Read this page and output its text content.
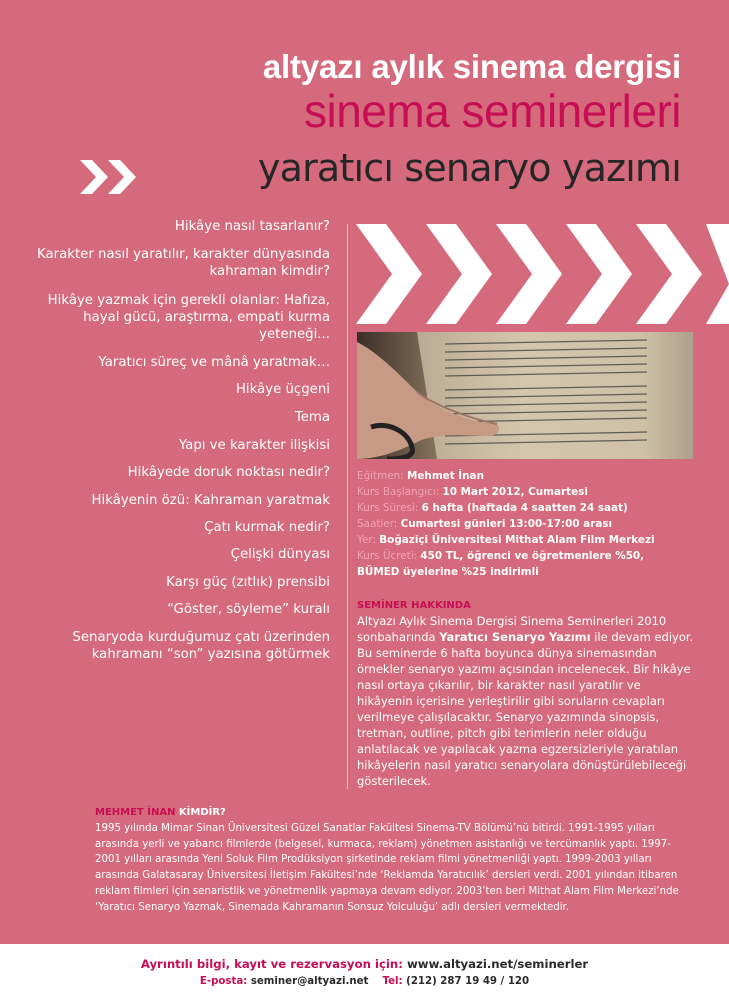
altyazı aylık sinema dergisi
sinema seminerleri
yaratıcı senaryo yazımı
Hikâye nasıl tasarlanır?
Karakter nasıl yaratılır, karakter dünyasında kahraman kimdir?
Hikâye yazmak için gerekli olanlar: Hafıza, hayal gücü, araştırma, empati kurma yeteneği...
Yaratıcı süreç ve mânâ yaratmak…
Hikâye üçgeni
Tema
Yapı ve karakter ilişkisi
Hikâyede doruk noktası nedir?
Hikâyenin özü: Kahraman yaratmak
Çatı kurmak nedir?
Çelişki dünyası
Karşı güç (zıtlık) prensibi
“Göster, söyleme” kuralı
Senaryoda kurduğumuz çatı üzerinden kahramanı “son” yazısına götürmek
Eğitmen: Mehmet İnan
Kurs Başlangıcı: 10 Mart 2012, Cumartesi
Kurs Süresi: 6 hafta (haftada 4 saatten 24 saat)
Saatler: Cumartesi günleri 13:00-17:00 arası
Yer: Boğaziçi Üniversitesi Mithat Alam Film Merkezi
Kurs Ücreti: 450 TL, öğrenci ve öğretmenlere %50,
BÜMED üyelerine %25 indirimli
SEMİNER HAKKINDA

Altyazı Aylık Sinema Dergisi Sinema Seminerleri 2010 sonbaharında Yaratıcı Senaryo Yazımı ile devam ediyor. Bu seminerde 6 hafta boyunca dünya sinemasından örnekler senaryo yazımı açısından incelenecek. Bir hikâye nasıl ortaya çıkarılır, bir karakter nasıl yaratılır ve hikâyenin içerisine yerleştirilir gibi soruların cevapları verilmeye çalışılacaktır. Senaryo yazımında sinopsis, tretman, outline, pitch gibi terimlerin neler olduğu anlatılacak ve yapılacak yazma egzersizleriyle yaratılan hikâyelerin nasıl yaratıcı senaryolara dönüştürülebileceği gösterilecek.

MEHMET İNAN KİMDİR?

1995 yılında Mimar Sinan Üniversitesi Güzel Sanatlar Fakültesi Sinema-TV Bölümü’nü bitirdi. 1991-1995 yılları arasında yerli ve yabancı filmlerde (belgesel, kurmaca, reklam) yönetmen asistanlığı ve tercümanlık yaptı. 1997-2001 yılları arasında Yeni Soluk Film Prodüksiyon şirketinde reklam filmi yönetmenliği yaptı. 1999-2003 yılları arasında Galatasaray Üniversitesi İletişim Fakültesi’nde ‘Reklamda Yaratıcılık’ dersleri verdi. 2001 yılından itibaren reklam filmleri için senaristlik ve yönetmenlik yapmaya devam ediyor. 2003’ten beri Mithat Alam Film Merkezi’nde ‘Yaratıcı Senaryo Yazmak, Sinemada Kahramanın Sonsuz Yolculuğu’ adlı dersleri vermektedir.

Ayrıntılı bilgi, kayıt ve rezervasyon için: www.altyazi.net/seminerler
E-posta: seminer@altyazi.net Tel: (212) 287 19 49 / 120
